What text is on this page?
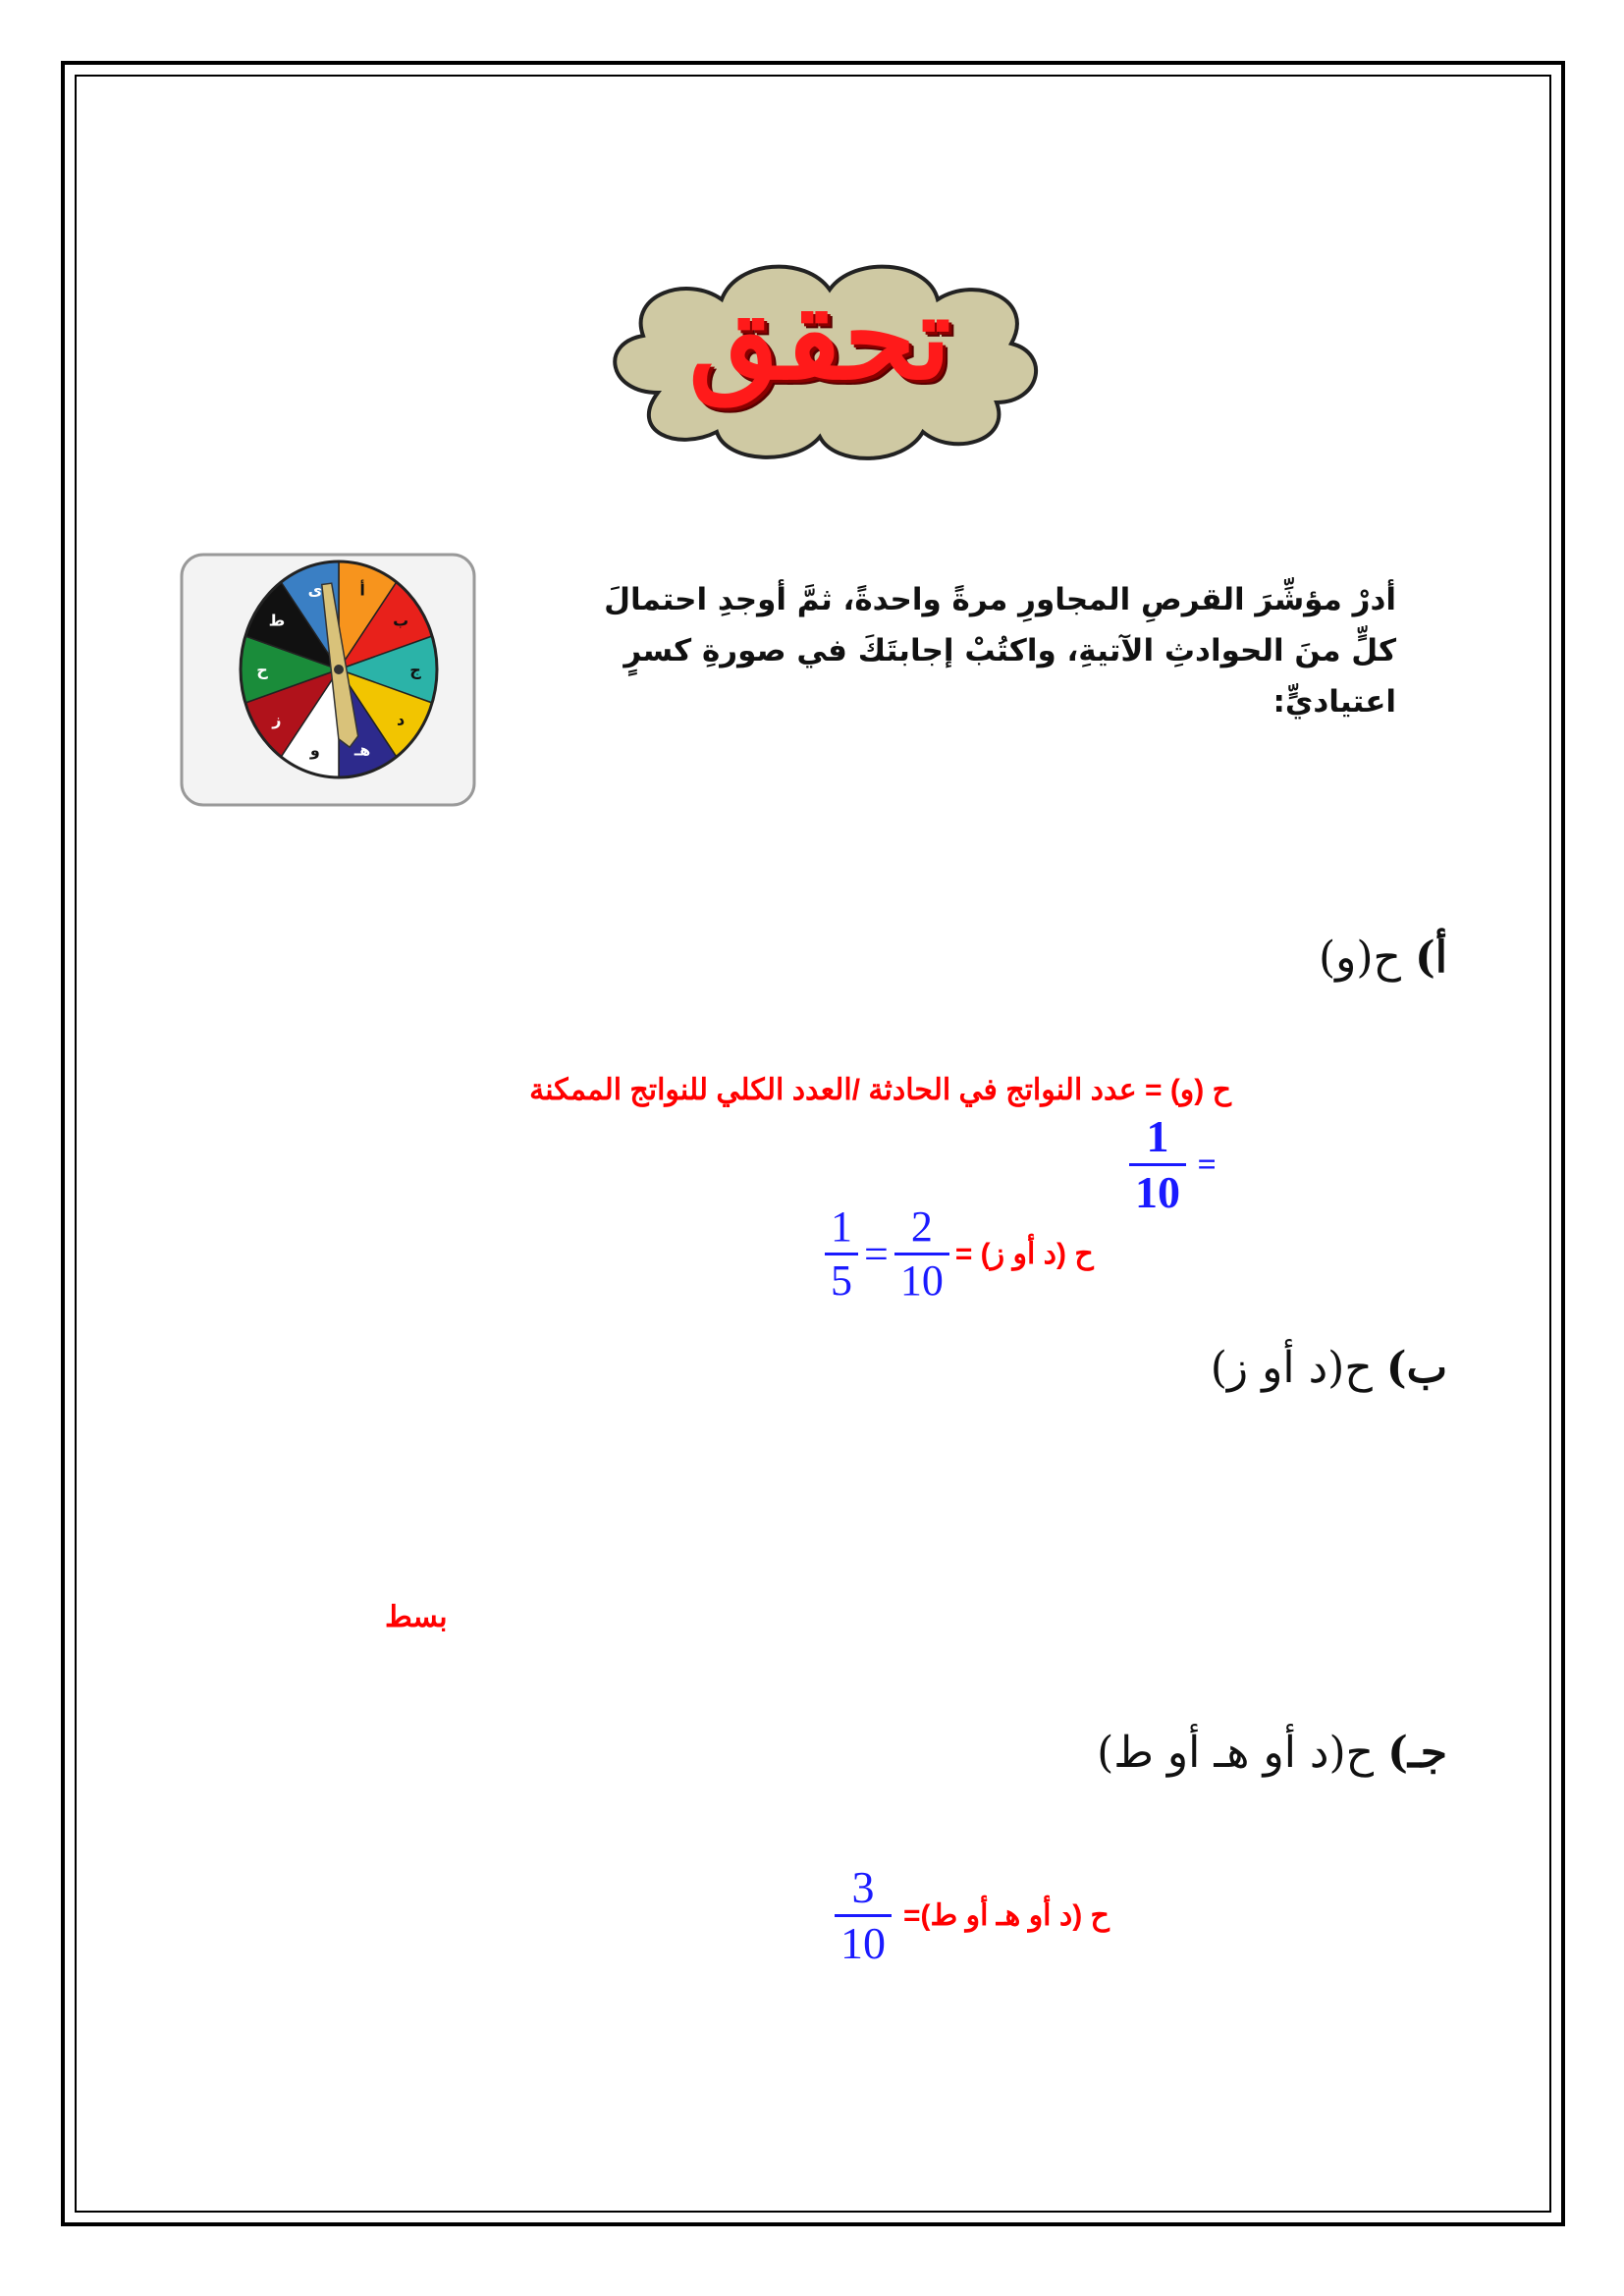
تحقق
أ
ب
ج
د
هـ
و
ز
ح
ط
ى	أدرْ مؤشِّرَ القرصِ المجاورِ مرةً واحدةً، ثمَّ أوجدِ احتمالَ كلٍّ منَ الحوادثِ الآتيةِ، واكتُبْ إجابتَكَ في صورةِ كسرٍ اعتياديٍّ:
أ) ح(و)
ح (و) = عدد النواتج في الحادثة /العدد الكلي للنواتج الممكنة
$\frac{1}{10}$ =
ب) ح(د أو ز)
$\frac{1}{5} = \frac{2}{10}$ ح (د أو ز) =
بسط
جـ) ح(د أو هـ أو ط)
$\frac{3}{10}$ ح (د أو هـ أو ط)=
